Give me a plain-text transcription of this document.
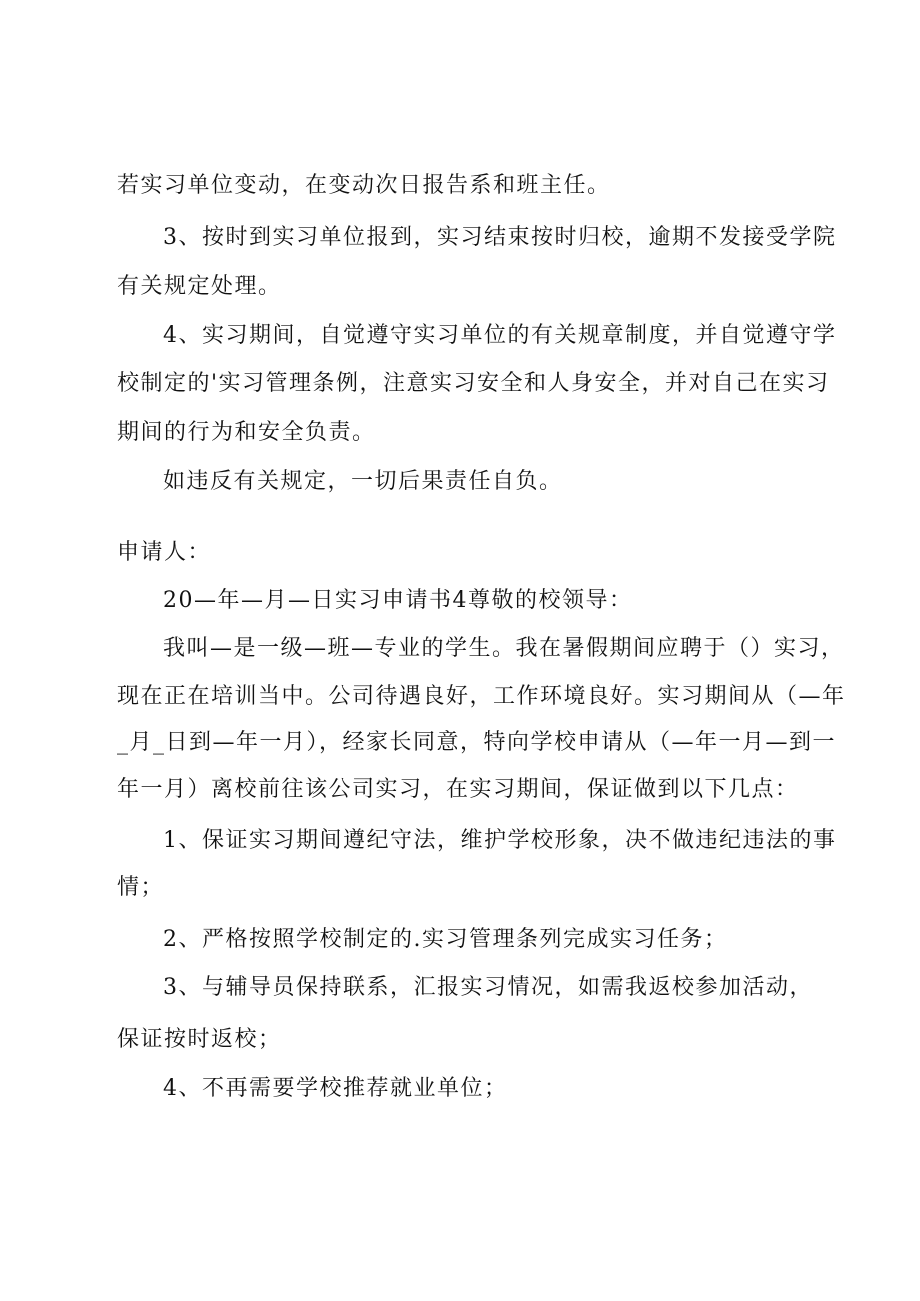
若实习单位变动，在变动次日报告系和班主任。
3、按时到实习单位报到，实习结束按时归校，逾期不发接受学院
有关规定处理。
4、实习期间，自觉遵守实习单位的有关规章制度，并自觉遵守学
校制定的'实习管理条例，注意实习安全和人身安全，并对自己在实习
期间的行为和安全负责。
如违反有关规定，一切后果责任自负。
申请人：
20—年—月—日实习申请书4尊敬的校领导：
我叫—是一级—班—专业的学生。我在暑假期间应聘于（）实习，
现在正在培训当中。公司待遇良好，工作环境良好。实习期间从（—年
_月_日到—年一月），经家长同意，特向学校申请从（—年一月—到一
年一月）离校前往该公司实习，在实习期间，保证做到以下几点：
1、保证实习期间遵纪守法，维护学校形象，决不做违纪违法的事
情；
2、严格按照学校制定的.实习管理条列完成实习任务；
3、与辅导员保持联系，汇报实习情况，如需我返校参加活动，
保证按时返校；
4、不再需要学校推荐就业单位；
